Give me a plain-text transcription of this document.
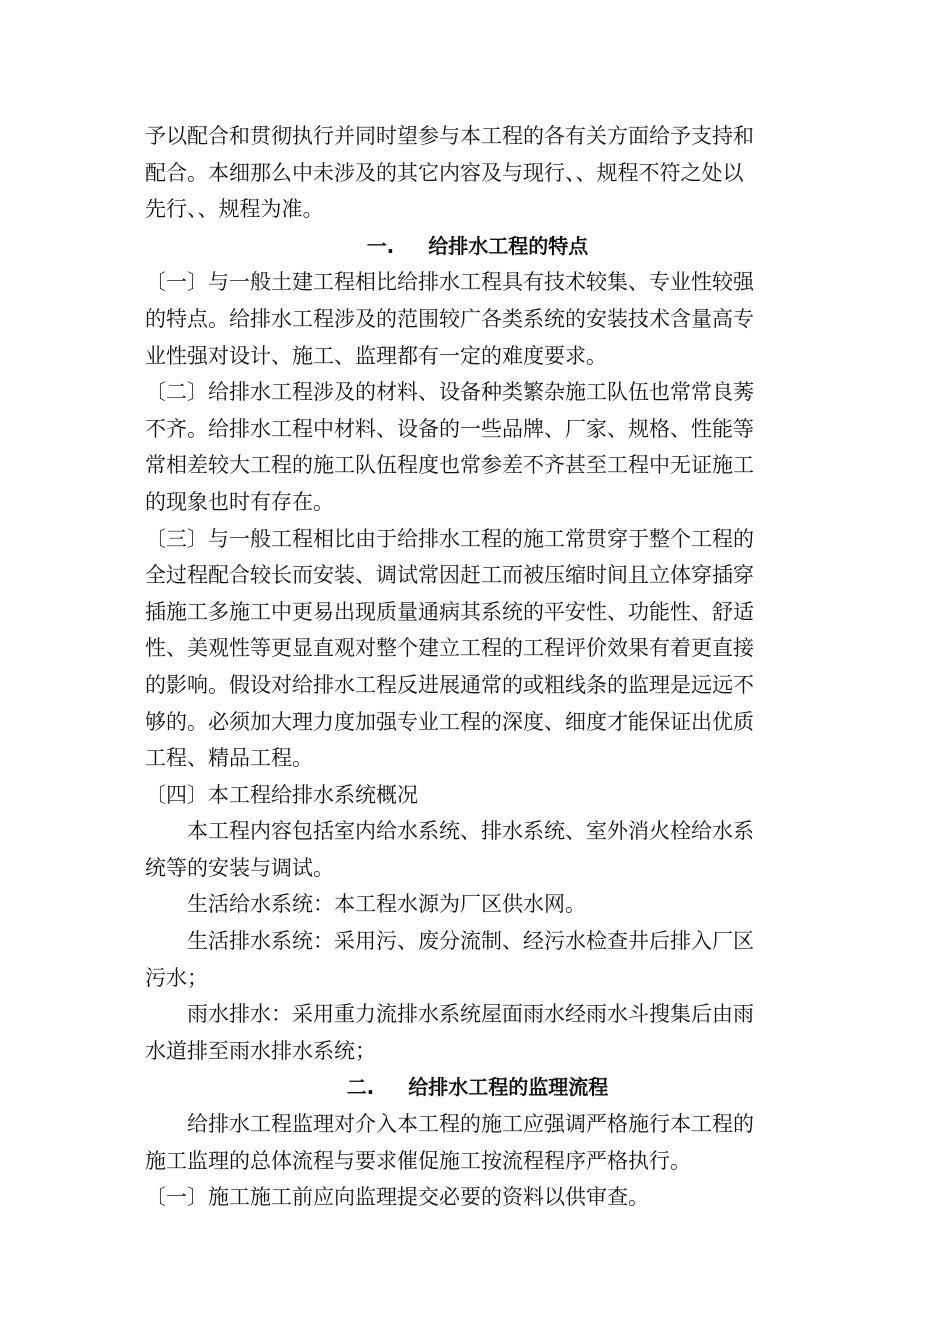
予以配合和贯彻执行并同时望参与本工程的各有关方面给予支持和
配合。本细那么中未涉及的其它内容及与现行、、规程不符之处以
先行、、规程为准。
一. 给排水工程的特点
〔一〕与一般土建工程相比给排水工程具有技术较集、专业性较强
的特点。给排水工程涉及的范围较广各类系统的安装技术含量高专
业性强对设计、施工、监理都有一定的难度要求。
〔二〕给排水工程涉及的材料、设备种类繁杂施工队伍也常常良莠
不齐。给排水工程中材料、设备的一些品牌、厂家、规格、性能等
常相差较大工程的施工队伍程度也常参差不齐甚至工程中无证施工
的现象也时有存在。
〔三〕与一般工程相比由于给排水工程的施工常贯穿于整个工程的
全过程配合较长而安装、调试常因赶工而被压缩时间且立体穿插穿
插施工多施工中更易出现质量通病其系统的平安性、功能性、舒适
性、美观性等更显直观对整个建立工程的工程评价效果有着更直接
的影响。假设对给排水工程反进展通常的或粗线条的监理是远远不
够的。必须加大理力度加强专业工程的深度、细度才能保证出优质
工程、精品工程。
〔四〕本工程给排水系统概况
本工程内容包括室内给水系统、排水系统、室外消火栓给水系
统等的安装与调试。
生活给水系统：本工程水源为厂区供水网。
生活排水系统：采用污、废分流制、经污水检查井后排入厂区
污水；
雨水排水：采用重力流排水系统屋面雨水经雨水斗搜集后由雨
水道排至雨水排水系统；
二. 给排水工程的监理流程
给排水工程监理对介入本工程的施工应强调严格施行本工程的
施工监理的总体流程与要求催促施工按流程程序严格执行。
〔一〕施工施工前应向监理提交必要的资料以供审查。
